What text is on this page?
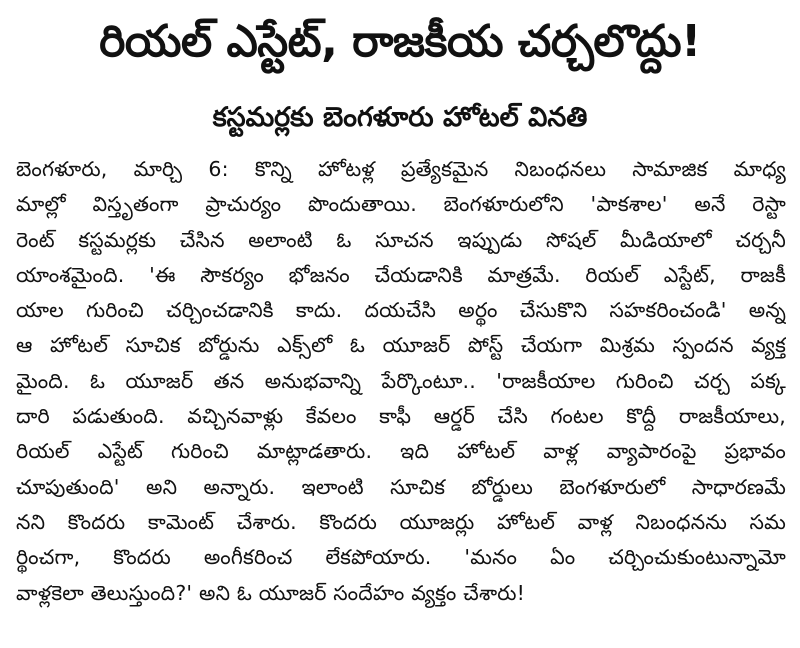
రియల్ ఎస్టేట్, రాజకీయ చర్చలొద్దు!
కస్టమర్లకు బెంగళూరు హోటల్ వినతి
బెంగళూరు, మార్చి 6: కొన్ని హోటళ్ల ప్రత్యేకమైన నిబంధనలు సామాజిక మాధ్య
మాల్లో విస్తృతంగా ప్రాచుర్యం పొందుతాయి. బెంగళూరులోని 'పాకశాల' అనే రెస్టా
రెంట్ కస్టమర్లకు చేసిన అలాంటి ఓ సూచన ఇప్పుడు సోషల్ మీడియాలో చర్చనీ
యాంశమైంది. 'ఈ సౌకర్యం భోజనం చేయడానికి మాత్రమే. రియల్ ఎస్టేట్, రాజకీ
యాల గురించి చర్చించడానికి కాదు. దయచేసి అర్థం చేసుకొని సహకరించండి' అన్న
ఆ హోటల్ సూచిక బోర్డును ఎక్స్‌లో ఓ యూజర్ పోస్ట్ చేయగా మిశ్రమ స్పందన వ్యక్త
మైంది. ఓ యూజర్ తన అనుభవాన్ని పేర్కొంటూ.. 'రాజకీయాల గురించి చర్చ పక్క
దారి పడుతుంది. వచ్చినవాళ్లు కేవలం కాఫీ ఆర్డర్ చేసి గంటల కొద్దీ రాజకీయాలు,
రియల్ ఎస్టేట్ గురించి మాట్లాడతారు. ఇది హోటల్ వాళ్ల వ్యాపారంపై ప్రభావం
చూపుతుంది' అని అన్నారు. ఇలాంటి సూచిక బోర్డులు బెంగళూరులో సాధారణమే
నని కొందరు కామెంట్ చేశారు. కొందరు యూజర్లు హోటల్ వాళ్ల నిబంధనను సమ
ర్థించగా, కొందరు అంగీకరించ లేకపోయారు. 'మనం ఏం చర్చించుకుంటున్నామో
వాళ్లకెలా తెలుస్తుంది?' అని ఓ యూజర్ సందేహం వ్యక్తం చేశారు!
